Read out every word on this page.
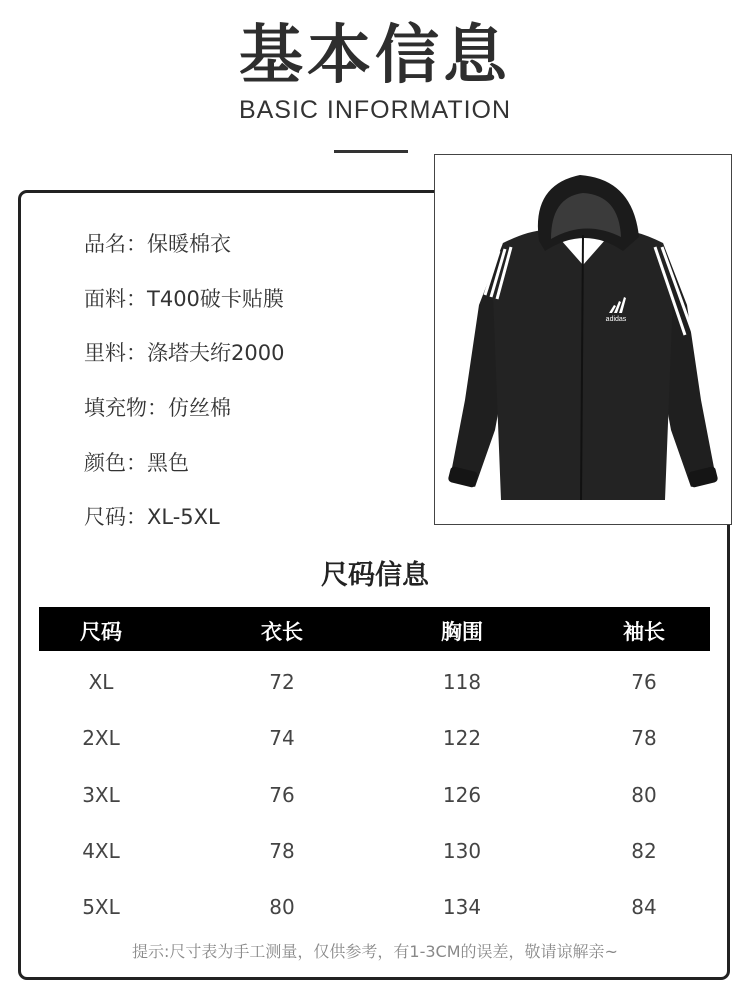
基本信息
BASIC INFORMATION
adidas
品名：保暖棉衣
面料：T400破卡贴膜
里料：涤塔夫绗2000
填充物：仿丝棉
颜色：黑色
尺码：XL-5XL
尺码信息
尺码	衣长	胸围	袖长
XL	72	118	76
2XL	74	122	78
3XL	76	126	80
4XL	78	130	82
5XL	80	134	84
提示:尺寸表为手工测量，仅供参考，有1-3CM的误差，敬请谅解亲~
